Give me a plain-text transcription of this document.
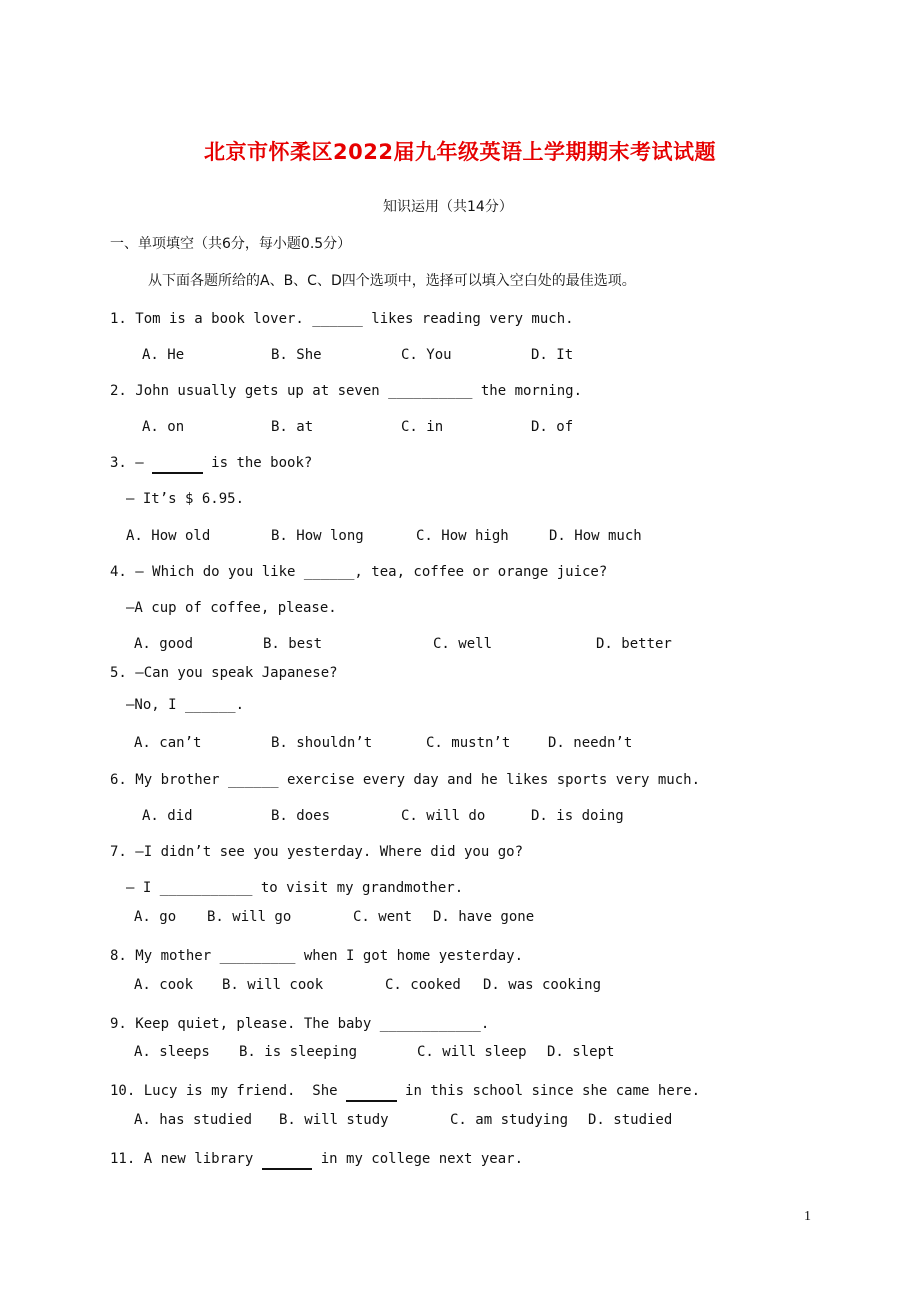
北京市怀柔区2022届九年级英语上学期期末考试试题
知识运用（共14分）
一、单项填空（共6分，每小题0.5分）
从下面各题所给的A、B、C、D四个选项中，选择可以填入空白处的最佳选项。
1. Tom is a book lover. ______ likes reading very much.
A. He	B. She	C. You	D. It
2. John usually gets up at seven __________ the morning.
A. on	B. at	C. in	D. of
3. —	is the book?
— It’s $ 6.95.
A. How old	B. How long	C. How high	D. How much
4. — Which do you like ______, tea, coffee or orange juice?
—A cup of coffee, please.
A. good	B. best	C. well	D. better
5. —Can you speak Japanese?
—No, I ______.
A. can’t	B. shouldn’t	C. mustn’t	D. needn’t
6. My brother ______ exercise every day and he likes sports very much.
A. did	B. does	C. will do	D. is doing
7. —I didn’t see you yesterday. Where did you go?
— I ___________ to visit my grandmother.
A. go B. will go	C. went D. have gone
8. My mother _________ when I got home yesterday.
A. cook B. will cook	C. cooked D. was cooking
9. Keep quiet, please. The baby ____________.
A. sleeps B. is sleeping	C. will sleep D. slept
10. Lucy is my friend.  She	in this school since she came here.
A. has studied B. will study	C. am studying D. studied
11. A new library	in my college next year.
1
